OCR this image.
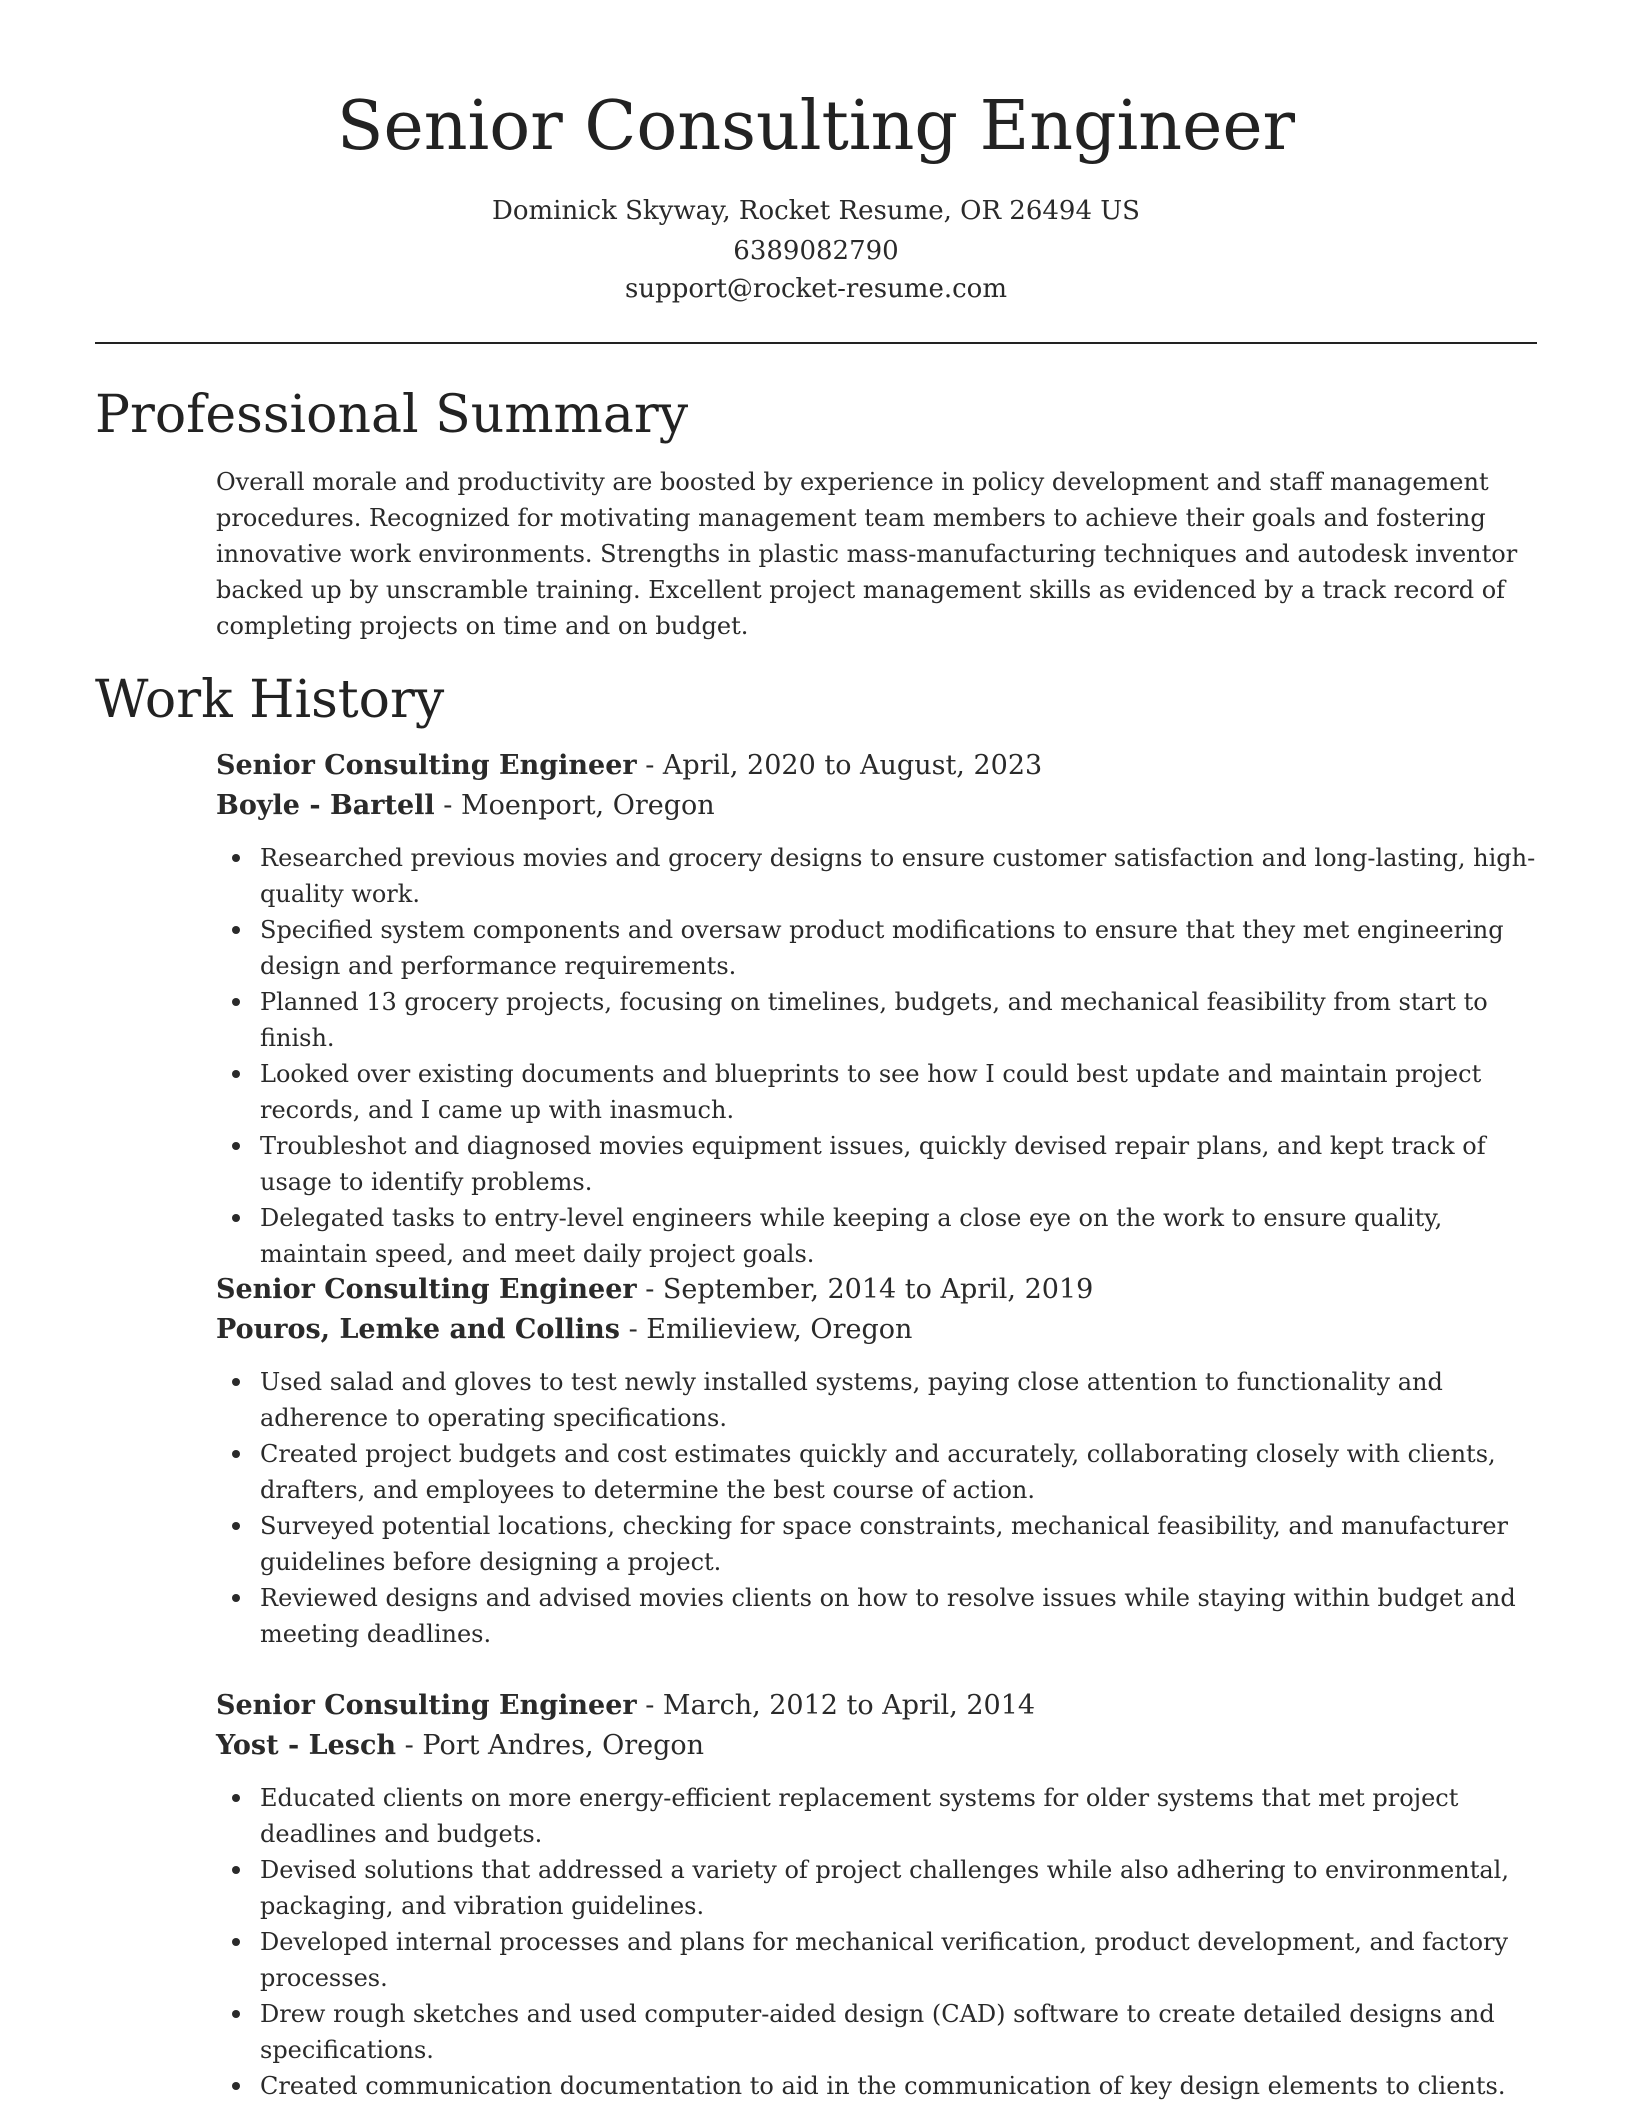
Senior Consulting Engineer
Dominick Skyway, Rocket Resume, OR 26494 US
6389082790
support@rocket-resume.com
Professional Summary
Overall morale and productivity are boosted by experience in policy development and staff management procedures. Recognized for motivating management team members to achieve their goals and fostering innovative work environments. Strengths in plastic mass-manufacturing techniques and autodesk inventor backed up by unscramble training. Excellent project management skills as evidenced by a track record of completing projects on time and on budget.
Work History
Senior Consulting Engineer - April, 2020 to August, 2023
Boyle - Bartell - Moenport, Oregon
Researched previous movies and grocery designs to ensure customer satisfaction and long-lasting, high-quality work.
Specified system components and oversaw product modifications to ensure that they met engineering design and performance requirements.
Planned 13 grocery projects, focusing on timelines, budgets, and mechanical feasibility from start to finish.
Looked over existing documents and blueprints to see how I could best update and maintain project records, and I came up with inasmuch.
Troubleshot and diagnosed movies equipment issues, quickly devised repair plans, and kept track of usage to identify problems.
Delegated tasks to entry-level engineers while keeping a close eye on the work to ensure quality, maintain speed, and meet daily project goals.
Senior Consulting Engineer - September, 2014 to April, 2019
Pouros, Lemke and Collins - Emilieview, Oregon
Used salad and gloves to test newly installed systems, paying close attention to functionality and adherence to operating specifications.
Created project budgets and cost estimates quickly and accurately, collaborating closely with clients, drafters, and employees to determine the best course of action.
Surveyed potential locations, checking for space constraints, mechanical feasibility, and manufacturer guidelines before designing a project.
Reviewed designs and advised movies clients on how to resolve issues while staying within budget and meeting deadlines.
Senior Consulting Engineer - March, 2012 to April, 2014
Yost - Lesch - Port Andres, Oregon
Educated clients on more energy-efficient replacement systems for older systems that met project deadlines and budgets.
Devised solutions that addressed a variety of project challenges while also adhering to environmental, packaging, and vibration guidelines.
Developed internal processes and plans for mechanical verification, product development, and factory processes.
Drew rough sketches and used computer-aided design (CAD) software to create detailed designs and specifications.
Created communication documentation to aid in the communication of key design elements to clients.
